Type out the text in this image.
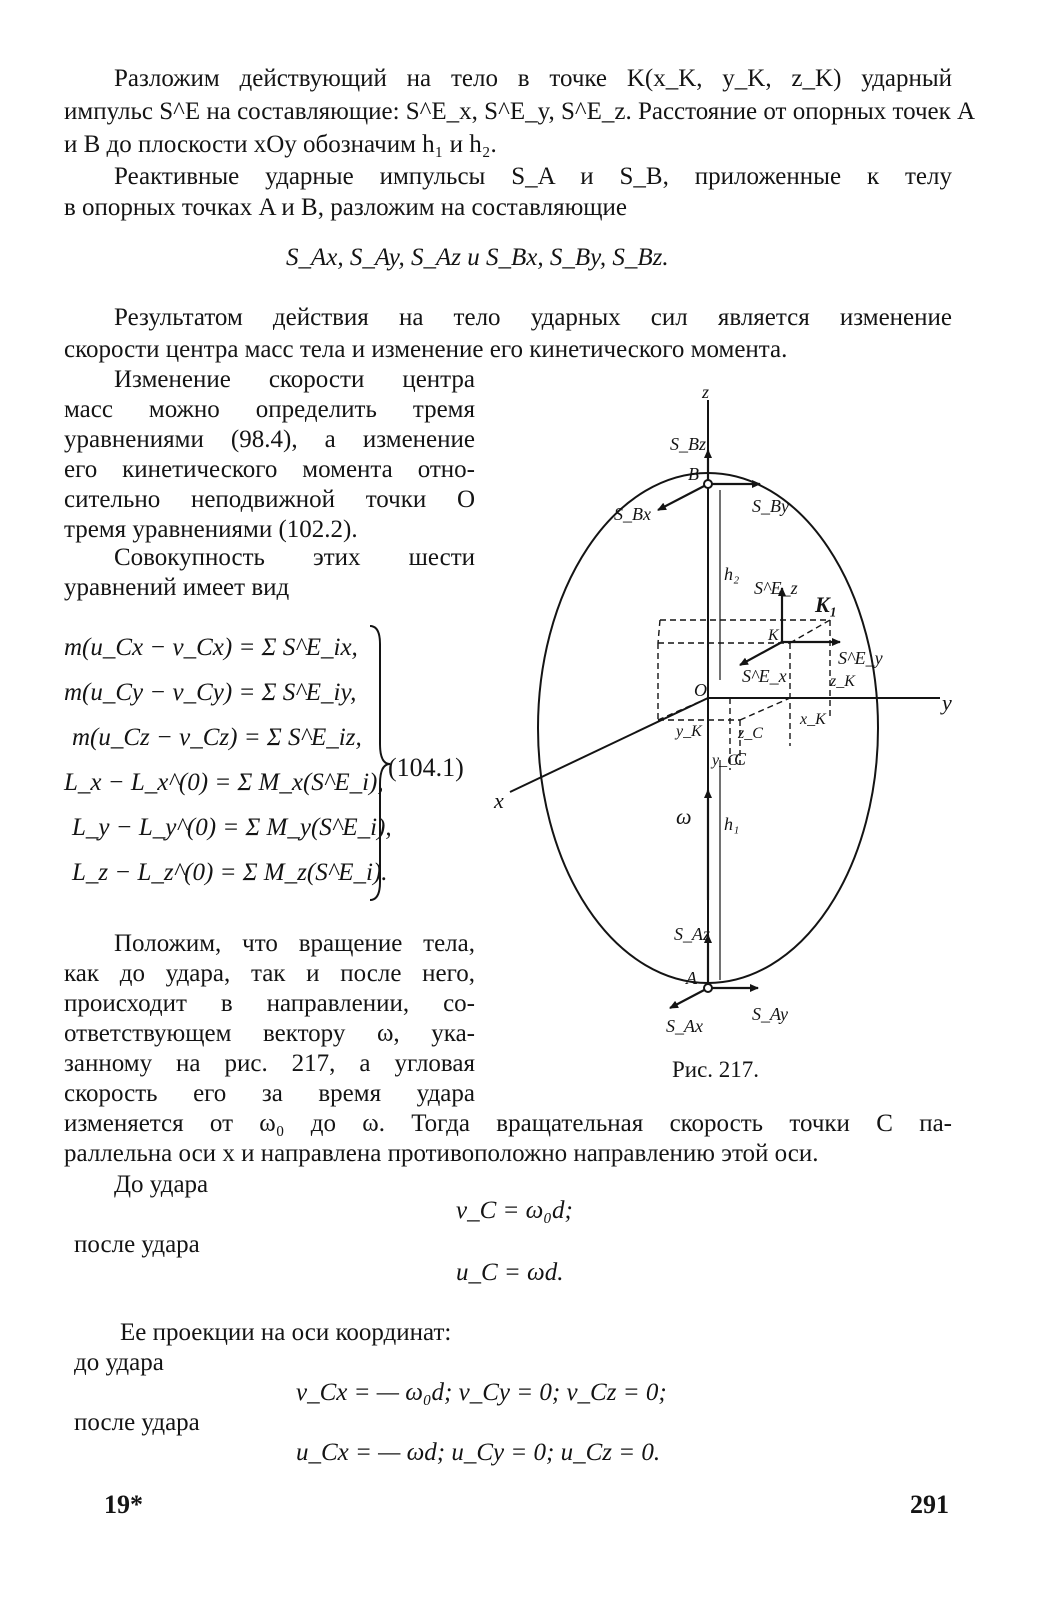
Разложим действующий на тело в точке K(x_K, y_K, z_K) ударный
импульс S^E на составляющие: S^E_x, S^E_y, S^E_z. Расстояние от опорных точек A
и B до плоскости xOy обозначим h₁ и h₂.
Реактивные ударные импульсы S_A и S_B, приложенные к телу
в опорных точках A и B, разложим на составляющие
S_Ax, S_Ay, S_Az и S_Bx, S_By, S_Bz.
Результатом действия на тело ударных сил является изменение
скорости центра масс тела и изменение его кинетического момента.
Изменение скорости центра
масс можно определить тремя
уравнениями (98.4), а изменение
его кинетического момента отно-
сительно неподвижной точки O
тремя уравнениями (102.2).
Совокупность этих шести
уравнений имеет вид
m(u_Cx − v_Cx) = Σ S^E_ix,
m(u_Cy − v_Cy) = Σ S^E_iy,
m(u_Cz − v_Cz) = Σ S^E_iz,
L_x − L_x^(0) = Σ M_x(S^E_i),
L_y − L_y^(0) = Σ M_y(S^E_i),
L_z − L_z^(0) = Σ M_z(S^E_i).
(104.1)
Положим, что вращение тела,
как до удара, так и после него,
происходит в направлении, со-
ответствующем вектору ω, ука-
занному на рис. 217, а угловая
скорость его за время удара
изменяется от ω₀ до ω. Тогда вращательная скорость точки C па-
раллельна оси x и направлена противоположно направлению этой оси.
До удара
v_C = ω₀d;
после удара
u_C = ωd.
Ее проекции на оси координат:
до удара
v_Cx = — ω₀d; v_Cy = 0; v_Cz = 0;
после удара
u_Cx = — ωd; u_Cy = 0; u_Cz = 0.
19*	291
z
y
x
O
B
A
K
K₁
C
S_Bz
S_Bx	S_By
S_Az
S_Ax
S_Ay
S^E_z
S^E_x
S^E_y
h₂
h₁
ω
y_K
x_K
z_K
y_C
z_C
Рис. 217.
